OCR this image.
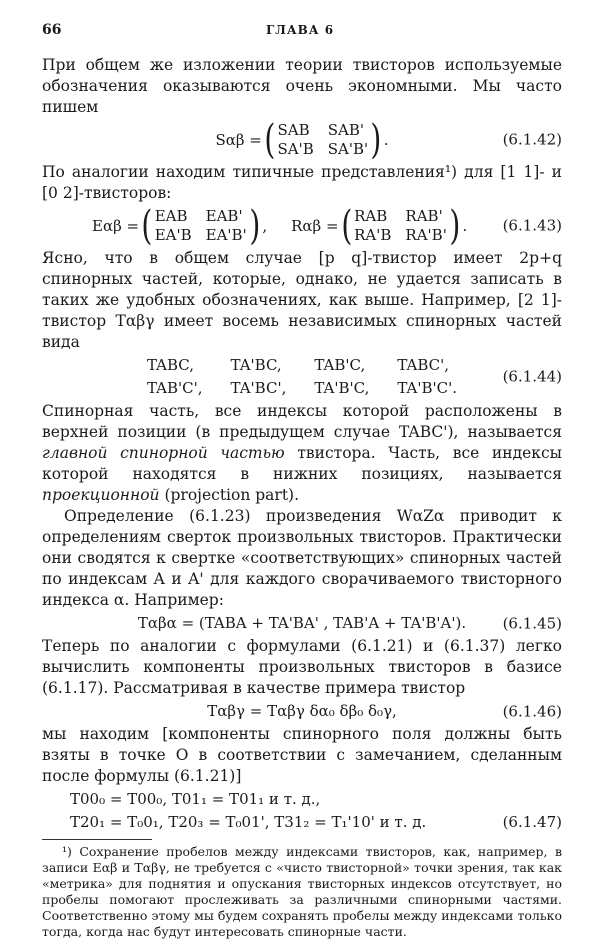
66	ГЛАВА 6

При общем же изложении теории твисторов используемые обозначения оказываются очень экономными. Мы часто пишем

Sαβ = ( SAB SAB'
SA'B SA'B' ) .	(6.1.42)

По аналогии находим типичные представления¹) для [1 1]- и [0 2]-твисторов:

Eαβ = ( EAB EAB'
EA'B EA'B' ) , Rαβ = ( RAB RAB'
RA'B RA'B' ) . (6.1.43)

Ясно, что в общем случае [p q]-твистор имеет 2p+q спинорных частей, которые, однако, не удается записать в таких же удобных обозначениях, как выше. Например, [2 1]-твистор Tαβγ имеет восемь независимых спинорных частей вида

TABC,	TA'BC,	TAB'C, TABC',
TAB'C', TA'BC', TA'B'C, TA'B'C'.
(6.1.44)

Спинорная часть, все индексы которой расположены в верхней позиции (в предыдущем случае TABC'), называется главной спинорной частью твистора. Часть, все индексы которой находятся в нижних позициях, называется проекционной (projection part).

Определение (6.1.23) произведения WαZα приводит к определениям сверток произвольных твисторов. Практически они сводятся к свертке «соответствующих» спинорных частей по индексам A и A' для каждого сворачиваемого твисторного индекса α. Например:

Tαβα = (TABA + TA'BA' , TAB'A + TA'B'A'). (6.1.45)

Теперь по аналогии с формулами (6.1.21) и (6.1.37) легко вычислить компоненты произвольных твисторов в базисе (6.1.17). Рассматривая в качестве примера твистор

Tαβγ = Tαβγ δα₀ δβ₀ δ₀γ,	(6.1.46)

мы находим [компоненты спинорного поля должны быть взяты в точке O в соответствии с замечанием, сделанным после формулы (6.1.21)]

T00₀ = T00₀, T01₁ = T01₁ и т. д.,
T20₁ = T₀0₁, T20₃ = T₀01', T31₂ = T₁'10' и т. д.	(6.1.47)

¹) Сохранение пробелов между индексами твисторов, как, например, в записи Eαβ и Tαβγ, не требуется с «чисто твисторной» точки зрения, так как «метрика» для поднятия и опускания твисторных индексов отсутствует, но пробелы помогают прослеживать за различными спинорными частями. Соответственно этому мы будем сохранять пробелы между индексами только тогда, когда нас будут интересовать спинорные части.
